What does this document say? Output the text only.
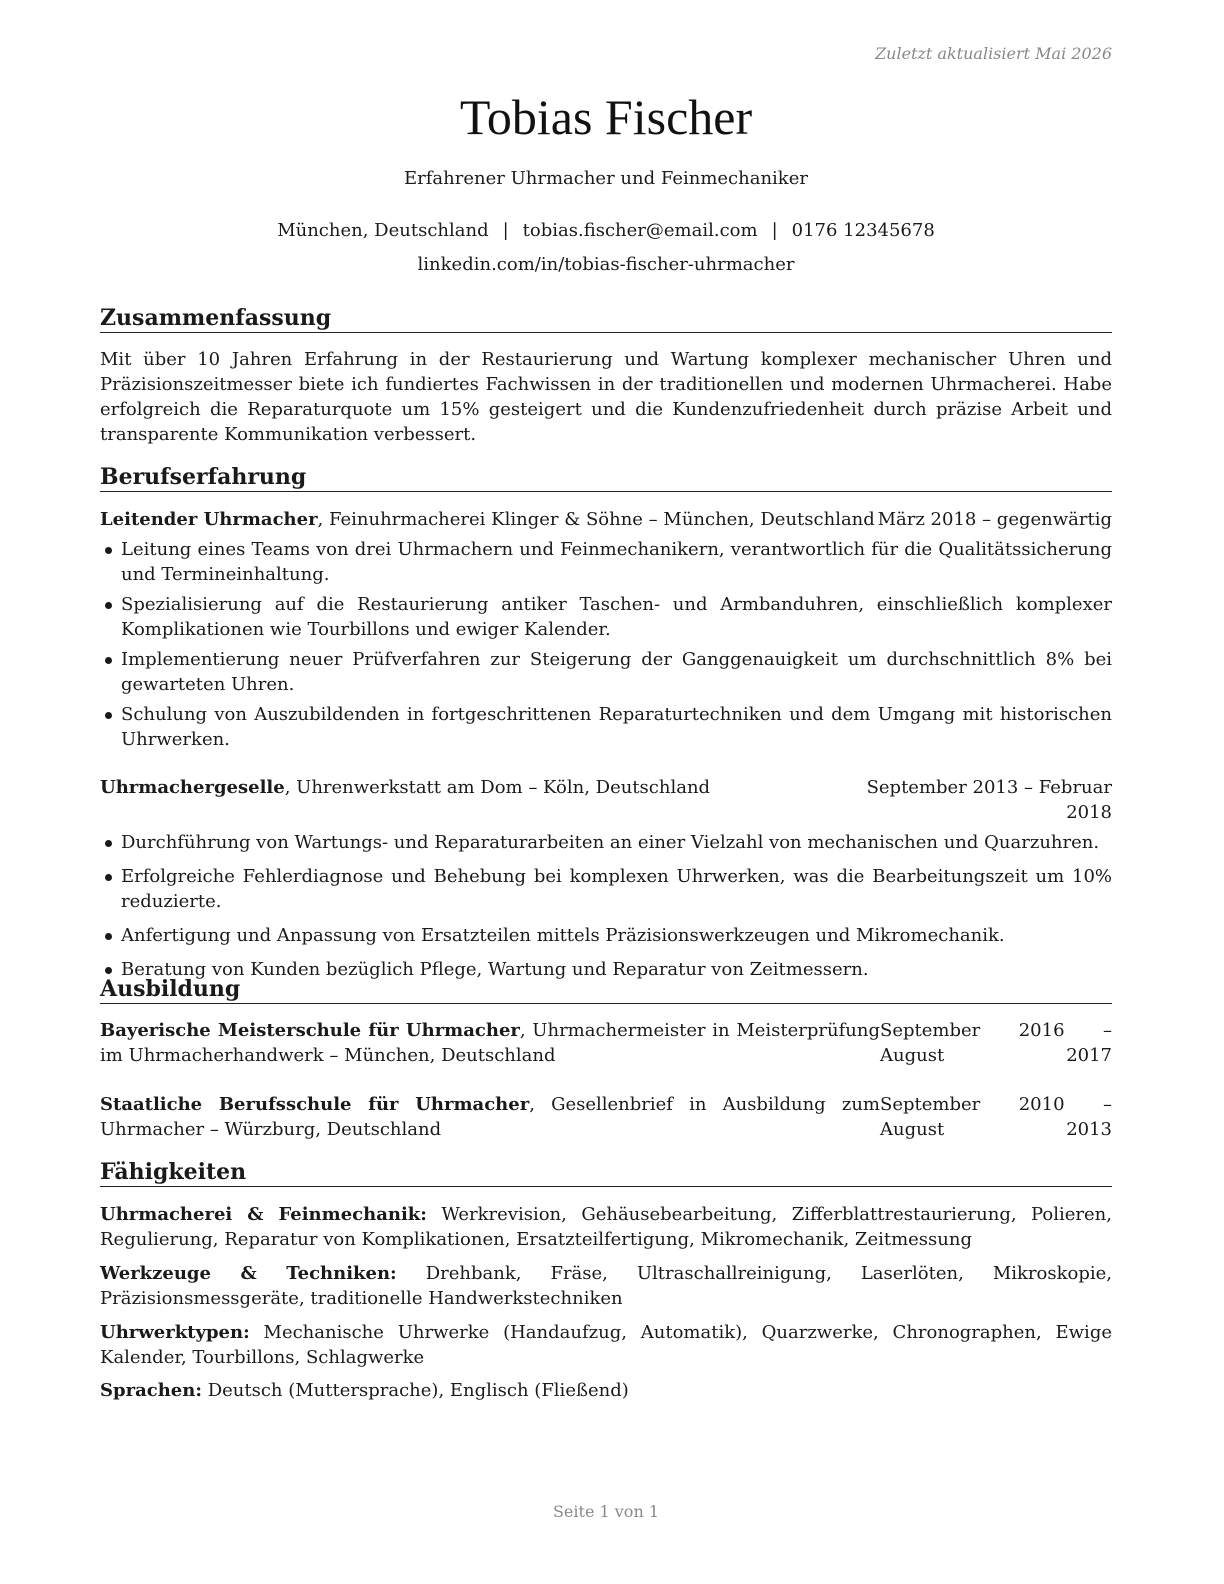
Zuletzt aktualisiert Mai 2026
Tobias Fischer
Erfahrener Uhrmacher und Feinmechaniker
München, Deutschland | tobias.fischer@email.com | 0176 12345678
linkedin.com/in/tobias-fischer-uhrmacher
Zusammenfassung
Mit über 10 Jahren Erfahrung in der Restaurierung und Wartung komplexer mechanischer Uhren und Präzisionszeitmesser biete ich fundiertes Fachwissen in der traditionellen und modernen Uhrmacherei. Habe erfolgreich die Reparaturquote um 15% gesteigert und die Kundenzufriedenheit durch präzise Arbeit und transparente Kommunikation verbessert.
Berufserfahrung
Leitender Uhrmacher, Feinuhrmacherei Klinger & Söhne – München, Deutschland März 2018 – gegenwärtig
Leitung eines Teams von drei Uhrmachern und Feinmechanikern, verantwortlich für die Qualitätssicherung und Termineinhaltung.
Spezialisierung auf die Restaurierung antiker Taschen- und Armbanduhren, einschließlich komplexer Komplikationen wie Tourbillons und ewiger Kalender.
Implementierung neuer Prüfverfahren zur Steigerung der Ganggenauigkeit um durchschnittlich 8% bei gewarteten Uhren.
Schulung von Auszubildenden in fortgeschrittenen Reparaturtechniken und dem Umgang mit historischen Uhrwerken.
Uhrmachergeselle, Uhrenwerkstatt am Dom – Köln, Deutschland	September 2013 – Februar
2018
Durchführung von Wartungs- und Reparaturarbeiten an einer Vielzahl von mechanischen und Quarzuhren.
Erfolgreiche Fehlerdiagnose und Behebung bei komplexen Uhrwerken, was die Bearbeitungszeit um 10% reduzierte.
Anfertigung und Anpassung von Ersatzteilen mittels Präzisionswerkzeugen und Mikromechanik.
Beratung von Kunden bezüglich Pflege, Wartung und Reparatur von Zeitmessern.
Ausbildung
Bayerische Meisterschule für Uhrmacher, Uhrmachermeister in Meisterprüfung im Uhrmacherhandwerk – München, Deutschland
September 2016 – August	2017
Staatliche Berufsschule für Uhrmacher, Gesellenbrief in Ausbildung zum Uhrmacher – Würzburg, Deutschland
September 2010 – August	2013
Fähigkeiten
Uhrmacherei & Feinmechanik: Werkrevision, Gehäusebearbeitung, Zifferblattrestaurierung, Polieren, Regulierung, Reparatur von Komplikationen, Ersatzteilfertigung, Mikromechanik, Zeitmessung
Werkzeuge & Techniken: Drehbank, Fräse, Ultraschallreinigung, Laserlöten, Mikroskopie, Präzisionsmessgeräte, traditionelle Handwerkstechniken
Uhrwerktypen: Mechanische Uhrwerke (Handaufzug, Automatik), Quarzwerke, Chronographen, Ewige Kalender, Tourbillons, Schlagwerke
Sprachen: Deutsch (Muttersprache), Englisch (Fließend)
Seite 1 von 1
